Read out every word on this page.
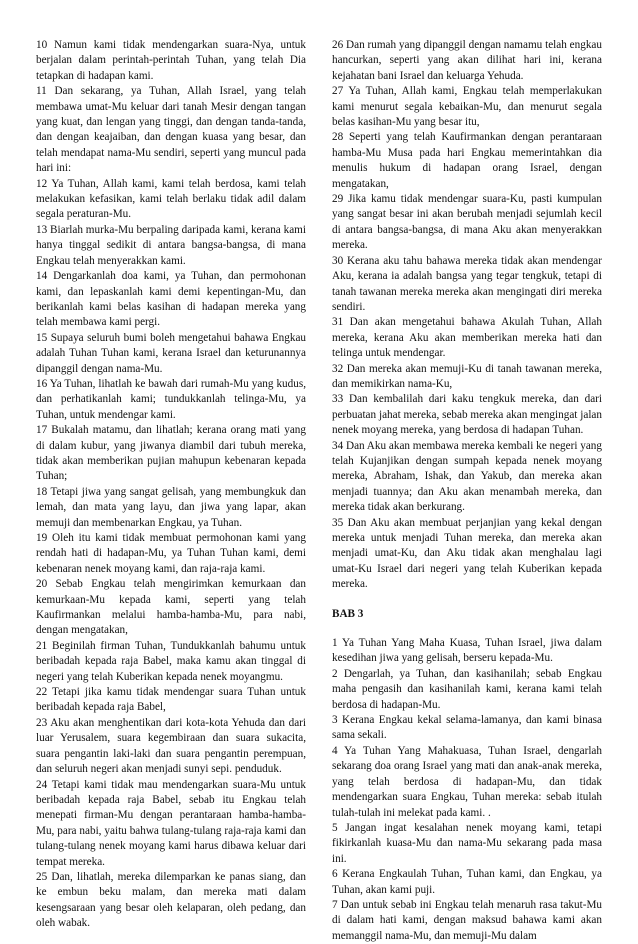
10 Namun kami tidak mendengarkan suara-Nya, untuk berjalan dalam perintah-perintah Tuhan, yang telah Dia tetapkan di hadapan kami.

11 Dan sekarang, ya Tuhan, Allah Israel, yang telah membawa umat-Mu keluar dari tanah Mesir dengan tangan yang kuat, dan lengan yang tinggi, dan dengan tanda-tanda, dan dengan keajaiban, dan dengan kuasa yang besar, dan telah mendapat nama-Mu sendiri, seperti yang muncul pada hari ini:

12 Ya Tuhan, Allah kami, kami telah berdosa, kami telah melakukan kefasikan, kami telah berlaku tidak adil dalam segala peraturan-Mu.

13 Biarlah murka-Mu berpaling daripada kami, kerana kami hanya tinggal sedikit di antara bangsa-bangsa, di mana Engkau telah menyerakkan kami.

14 Dengarkanlah doa kami, ya Tuhan, dan permohonan kami, dan lepaskanlah kami demi kepentingan-Mu, dan berikanlah kami belas kasihan di hadapan mereka yang telah membawa kami pergi.

15 Supaya seluruh bumi boleh mengetahui bahawa Engkau adalah Tuhan Tuhan kami, kerana Israel dan keturunannya dipanggil dengan nama-Mu.

16 Ya Tuhan, lihatlah ke bawah dari rumah-Mu yang kudus, dan perhatikanlah kami; tundukkanlah telinga-Mu, ya Tuhan, untuk mendengar kami.

17 Bukalah matamu, dan lihatlah; kerana orang mati yang di dalam kubur, yang jiwanya diambil dari tubuh mereka, tidak akan memberikan pujian mahupun kebenaran kepada Tuhan;

18 Tetapi jiwa yang sangat gelisah, yang membungkuk dan lemah, dan mata yang layu, dan jiwa yang lapar, akan memuji dan membenarkan Engkau, ya Tuhan.

19 Oleh itu kami tidak membuat permohonan kami yang rendah hati di hadapan-Mu, ya Tuhan Tuhan kami, demi kebenaran nenek moyang kami, dan raja-raja kami.

20 Sebab Engkau telah mengirimkan kemurkaan dan kemurkaan-Mu kepada kami, seperti yang telah Kaufirmankan melalui hamba-hamba-Mu, para nabi, dengan mengatakan,

21 Beginilah firman Tuhan, Tundukkanlah bahumu untuk beribadah kepada raja Babel, maka kamu akan tinggal di negeri yang telah Kuberikan kepada nenek moyangmu.

22 Tetapi jika kamu tidak mendengar suara Tuhan untuk beribadah kepada raja Babel,

23 Aku akan menghentikan dari kota-kota Yehuda dan dari luar Yerusalem, suara kegembiraan dan suara sukacita, suara pengantin laki-laki dan suara pengantin perempuan, dan seluruh negeri akan menjadi sunyi sepi. penduduk.

24 Tetapi kami tidak mau mendengarkan suara-Mu untuk beribadah kepada raja Babel, sebab itu Engkau telah menepati firman-Mu dengan perantaraan hamba-hamba-Mu, para nabi, yaitu bahwa tulang-tulang raja-raja kami dan tulang-tulang nenek moyang kami harus dibawa keluar dari tempat mereka.

25 Dan, lihatlah, mereka dilemparkan ke panas siang, dan ke embun beku malam, dan mereka mati dalam kesengsaraan yang besar oleh kelaparan, oleh pedang, dan oleh wabak.

26 Dan rumah yang dipanggil dengan namamu telah engkau hancurkan, seperti yang akan dilihat hari ini, kerana kejahatan bani Israel dan keluarga Yehuda.

27 Ya Tuhan, Allah kami, Engkau telah memperlakukan kami menurut segala kebaikan-Mu, dan menurut segala belas kasihan-Mu yang besar itu,

28 Seperti yang telah Kaufirmankan dengan perantaraan hamba-Mu Musa pada hari Engkau memerintahkan dia menulis hukum di hadapan orang Israel, dengan mengatakan,

29 Jika kamu tidak mendengar suara-Ku, pasti kumpulan yang sangat besar ini akan berubah menjadi sejumlah kecil di antara bangsa-bangsa, di mana Aku akan menyerakkan mereka.

30 Kerana aku tahu bahawa mereka tidak akan mendengar Aku, kerana ia adalah bangsa yang tegar tengkuk, tetapi di tanah tawanan mereka mereka akan mengingati diri mereka sendiri.

31 Dan akan mengetahui bahawa Akulah Tuhan, Allah mereka, kerana Aku akan memberikan mereka hati dan telinga untuk mendengar.

32 Dan mereka akan memuji-Ku di tanah tawanan mereka, dan memikirkan nama-Ku,

33 Dan kembalilah dari kaku tengkuk mereka, dan dari perbuatan jahat mereka, sebab mereka akan mengingat jalan nenek moyang mereka, yang berdosa di hadapan Tuhan.

34 Dan Aku akan membawa mereka kembali ke negeri yang telah Kujanjikan dengan sumpah kepada nenek moyang mereka, Abraham, Ishak, dan Yakub, dan mereka akan menjadi tuannya; dan Aku akan menambah mereka, dan mereka tidak akan berkurang.

35 Dan Aku akan membuat perjanjian yang kekal dengan mereka untuk menjadi Tuhan mereka, dan mereka akan menjadi umat-Ku, dan Aku tidak akan menghalau lagi umat-Ku Israel dari negeri yang telah Kuberikan kepada mereka.

BAB 3

1 Ya Tuhan Yang Maha Kuasa, Tuhan Israel, jiwa dalam kesedihan jiwa yang gelisah, berseru kepada-Mu.

2 Dengarlah, ya Tuhan, dan kasihanilah; sebab Engkau maha pengasih dan kasihanilah kami, kerana kami telah berdosa di hadapan-Mu.

3 Kerana Engkau kekal selama-lamanya, dan kami binasa sama sekali.

4 Ya Tuhan Yang Mahakuasa, Tuhan Israel, dengarlah sekarang doa orang Israel yang mati dan anak-anak mereka, yang telah berdosa di hadapan-Mu, dan tidak mendengarkan suara Engkau, Tuhan mereka: sebab itulah tulah-tulah ini melekat pada kami. .

5 Jangan ingat kesalahan nenek moyang kami, tetapi fikirkanlah kuasa-Mu dan nama-Mu sekarang pada masa ini.

6 Kerana Engkaulah Tuhan, Tuhan kami, dan Engkau, ya Tuhan, akan kami puji.

7 Dan untuk sebab ini Engkau telah menaruh rasa takut-Mu di dalam hati kami, dengan maksud bahawa kami akan memanggil nama-Mu, dan memuji-Mu dalam
